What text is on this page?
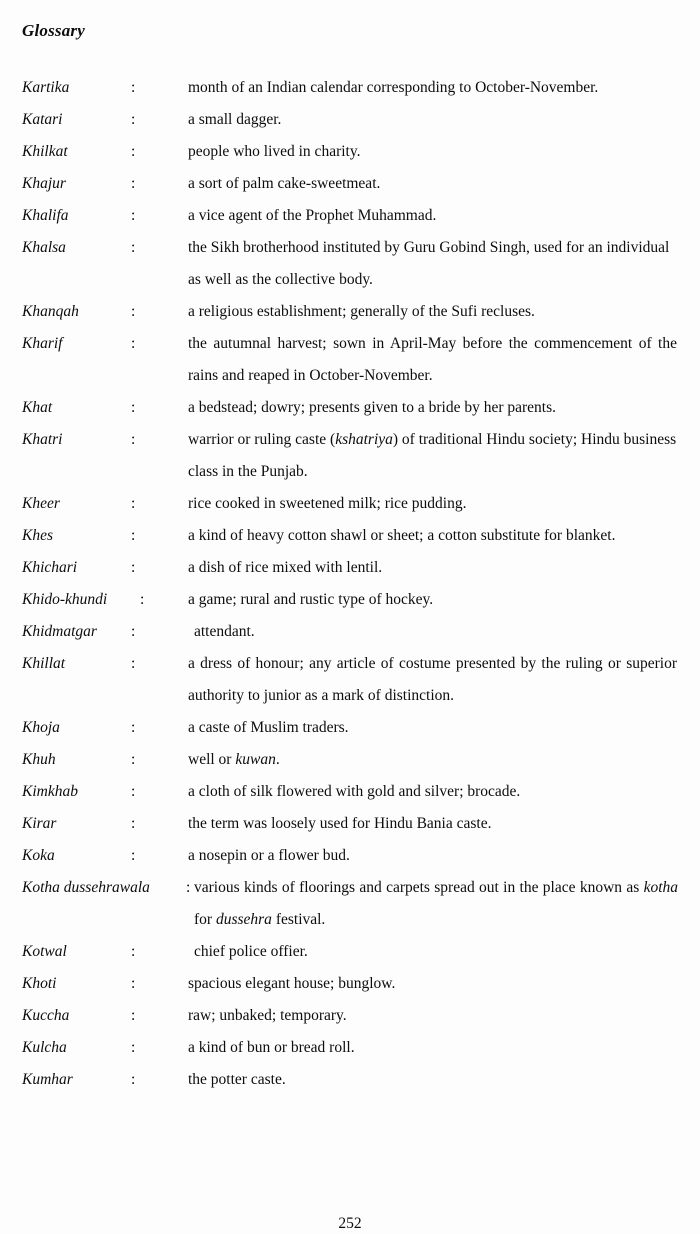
Glossary
Kartika	:	month of an Indian calendar corresponding to October-November.

Katari	:	a small dagger.

Khilkat	:	people who lived in charity.

Khajur	:	a sort of palm cake-sweetmeat.

Khalifa	:	a vice agent of the Prophet Muhammad.

Khalsa	:	the Sikh brotherhood instituted by Guru Gobind Singh, used for an individual as well as the collective body.

Khanqah	:	a religious establishment; generally of the Sufi recluses.

Kharif	:	the autumnal harvest; sown in April-May before the commencement of the rains and reaped in October-November.

Khat	:	a bedstead; dowry; presents given to a bride by her parents.

Khatri	:	warrior or ruling caste (kshatriya) of traditional Hindu society; Hindu business class in the Punjab.

Kheer	:	rice cooked in sweetened milk; rice pudding.

Khes	:	a kind of heavy cotton shawl or sheet; a cotton substitute for blanket.

Khichari	:	a dish of rice mixed with lentil.

Khido-khundi :	a game; rural and rustic type of hockey.

Khidmatgar :	attendant.

Khillat	:	a dress of honour; any article of costume presented by the ruling or superior authority to junior as a mark of distinction.

Khoja	:	a caste of Muslim traders.

Khuh	:	well or kuwan.

Kimkhab	:	a cloth of silk flowered with gold and silver; brocade.

Kirar	:	the term was loosely used for Hindu Bania caste.

Koka	:	a nosepin or a flower bud.

Kotha dussehrawala : various kinds of floorings and carpets spread out in the place known as kotha for dussehra festival.

Kotwal	:	chief police offier.

Khoti	:	spacious elegant house; bunglow.

Kuccha	:	raw; unbaked; temporary.

Kulcha	:	a kind of bun or bread roll.

Kumhar	:	the potter caste.

252
